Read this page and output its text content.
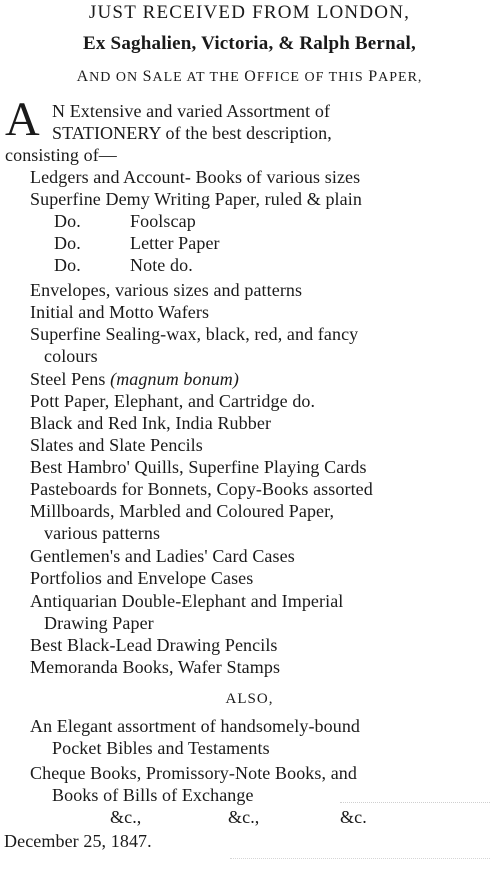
JUST RECEIVED FROM LONDON,
Ex Saghalien, Victoria, & Ralph Bernal,
AND ON SALE AT THE OFFICE OF THIS PAPER,
A N Extensive and varied Assortment of
STATIONERY of the best description,
consisting of—
Ledgers and Account- Books of various sizes
Superfine Demy Writing Paper, ruled & plain
Do.	Foolscap
Do.	Letter Paper
Do.	Note do.
Envelopes, various sizes and patterns
Initial and Motto Wafers
Superfine Sealing-wax, black, red, and fancy
colours
Steel Pens (magnum bonum)
Pott Paper, Elephant, and Cartridge do.
Black and Red Ink, India Rubber
Slates and Slate Pencils
Best Hambro' Quills, Superfine Playing Cards
Pasteboards for Bonnets, Copy-Books assorted
Millboards, Marbled and Coloured Paper,
various patterns
Gentlemen's and Ladies' Card Cases
Portfolios and Envelope Cases
Antiquarian Double-Elephant and Imperial
Drawing Paper
Best Black-Lead Drawing Pencils
Memoranda Books, Wafer Stamps
ALSO,
An Elegant assortment of handsomely-bound
Pocket Bibles and Testaments
Cheque Books, Promissory-Note Books, and
Books of Bills of Exchange
&c.,	&c.,	&c.
December 25, 1847.
